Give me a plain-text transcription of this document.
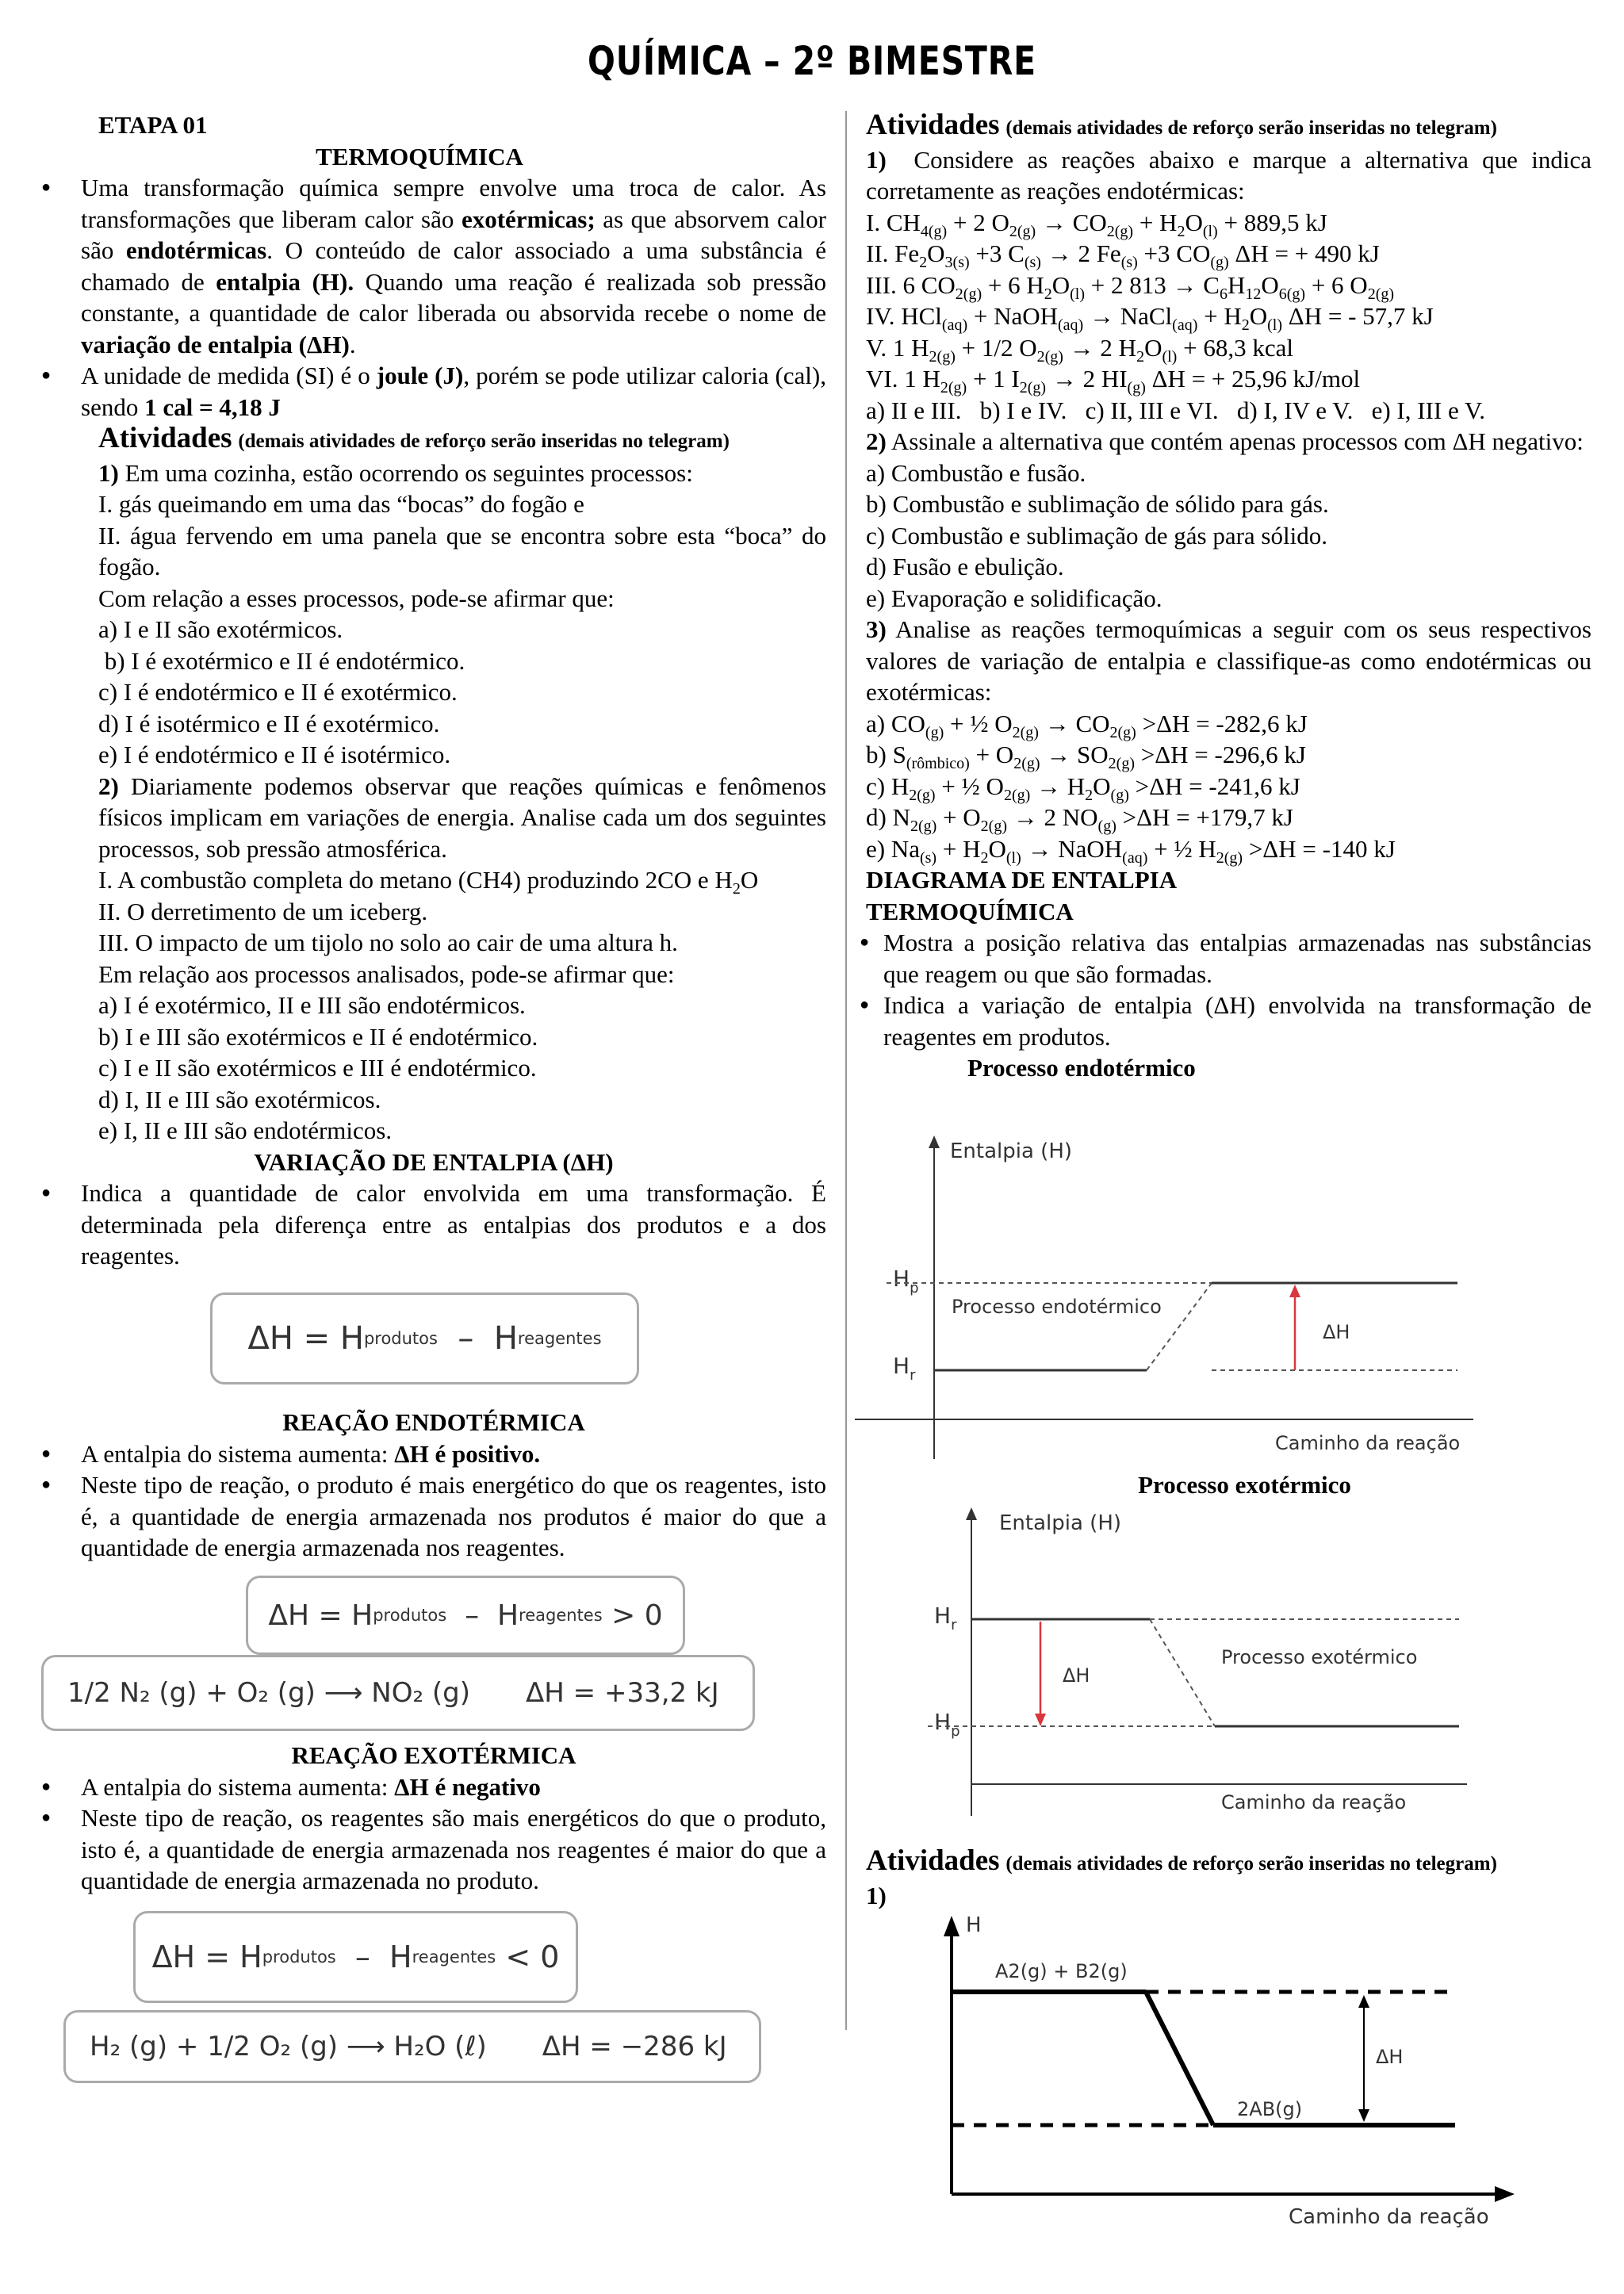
QUÍMICA – 2º BIMESTRE

ETAPA 01

TERMOQUÍMICA

● Uma transformação química sempre envolve uma troca de calor. As transformações que liberam calor são exotérmicas; as que absorvem calor são endotérmicas. O conteúdo de calor associado a uma substância é chamado de entalpia (H). Quando uma reação é realizada sob pressão constante, a quantidade de calor liberada ou absorvida recebe o nome de variação de entalpia (ΔH).
● A unidade de medida (SI) é o joule (J), porém se pode utilizar caloria (cal), sendo 1 cal = 4,18 J

Atividades (demais atividades de reforço serão inseridas no telegram)

1) Em uma cozinha, estão ocorrendo os seguintes processos:

I. gás queimando em uma das “bocas” do fogão e

II. água fervendo em uma panela que se encontra sobre esta “boca” do fogão.

Com relação a esses processos, pode-se afirmar que:

a) I e II são exotérmicos.

b) I é exotérmico e II é endotérmico.

c) I é endotérmico e II é exotérmico.

d) I é isotérmico e II é exotérmico.

e) I é endotérmico e II é isotérmico.

2) Diariamente podemos observar que reações químicas e fenômenos físicos implicam em variações de energia. Analise cada um dos seguintes processos, sob pressão atmosférica.

I. A combustão completa do metano (CH4) produzindo 2CO e $H_2O$

II. O derretimento de um iceberg.

III. O impacto de um tijolo no solo ao cair de uma altura h.

Em relação aos processos analisados, pode-se afirmar que:

a) I é exotérmico, II e III são endotérmicos.

b) I e III são exotérmicos e II é endotérmico.

c) I e II são exotérmicos e III é endotérmico.

d) I, II e III são exotérmicos.

e) I, II e III são endotérmicos.

VARIAÇÃO DE ENTALPIA (ΔH)

● Indica a quantidade de calor envolvida em uma transformação. É determinada pela diferença entre as entalpias dos produtos e a dos reagentes.

REAÇÃO ENDOTÉRMICA

● A entalpia do sistema aumenta: ΔH é positivo.
● Neste tipo de reação, o produto é mais energético do que os reagentes, isto é, a quantidade de energia armazenada nos produtos é maior do que a quantidade de energia armazenada nos reagentes.

REAÇÃO EXOTÉRMICA

● A entalpia do sistema aumenta: ΔH é negativo
● Neste tipo de reação, os reagentes são mais energéticos do que o produto, isto é, a quantidade de energia armazenada nos reagentes é maior do que a quantidade de energia armazenada no produto.
ΔH = H produtos –  H reagentes
ΔH = H produtos –  H reagentes > 0
1/2 N₂ (g) + O₂ (g) ⟶ NO₂ (g) ΔH = +33,2 kJ
ΔH = H produtos –  H reagentes < 0
H₂ (g) + 1/2 O₂ (g) ⟶ H₂O (ℓ) ΔH = −286 kJ

Atividades (demais atividades de reforço serão inseridas no telegram)

1)  Considere as reações abaixo e marque a alternativa que indica corretamente as reações endotérmicas:

I. $CH_{4(g)} + 2$ $O_{2(g)} \to CO_{2(g)} + H_2O_{(l)} + 889,5$ kJ

II. $Fe_2O_{3(s)} +3$ $C_{(s)} \to 2$ $Fe_{(s)} +3$ $CO_{(g)}$ ΔH = + 490 kJ

III. 6 $CO_{2(g)} + 6$ $H_2O_{(l)} + 2$ $813 \to C_6H_{12}O_{6(g)} + 6$ $O_{2(g)}$

IV. HCl$_{(aq)}$ + NaOH$_{(aq)}$ → NaCl$_{(aq)}$ + $H_2O_{(l)}$ ΔH = - 57,7 kJ

V. 1 $H_{2(g)} + 1/2$ $O_{2(g)} \to 2$ $H_2O_{(l)} + 68,3$ kcal

VI. 1 $H_{2(g)} + 1$ $I_{2(g)} \to 2$ $HI_{(g)}$ ΔH = + 25,96 kJ/mol

a) II e III.   b) I e IV.   c) II, III e VI.   d) I, IV e V.   e) I, III e V.

2) Assinale a alternativa que contém apenas processos com ΔH negativo:

a) Combustão e fusão.

b) Combustão e sublimação de sólido para gás.

c) Combustão e sublimação de gás para sólido.

d) Fusão e ebulição.

e) Evaporação e solidificação.

3) Analise as reações termoquímicas a seguir com os seus respectivos valores de variação de entalpia e classifique-as como endotérmicas ou exotérmicas:

a) $CO_{(g)}$ + ½ $O_{2(g)} \to CO_{2(g)} >\Delta H = -282,6$ kJ

b) $S_{(rômbico)} + O_{2(g)} \to SO_{2(g)} >\Delta H = -296,6$ kJ

c) $H_{2(g)}$ + ½ $O_{2(g)} \to H_2O_{(g)} >\Delta H = -241,6$ kJ

d) $N_{2(g)} + O_{2(g)} \to 2$ $NO_{(g)} >\Delta H = +179,7$ kJ

e) $Na_{(s)} + H_2O_{(l)}$ → NaOH$_{(aq)}$ + ½ $H_{2(g)} >\Delta H = -140$ kJ

DIAGRAMA DE ENTALPIA

TERMOQUÍMICA

● Mostra a posição relativa das entalpias armazenadas nas substâncias que reagem ou que são formadas.
● Indica a variação de entalpia (ΔH) envolvida na transformação de reagentes em produtos.

Processo endotérmico

Entalpia (H)
$H_p$
$H_r$
Processo endotérmico
ΔH
Caminho da reação

Processo exotérmico

Entalpia (H)
$H_r$
$H_p$
Processo exotérmico
ΔH
Caminho da reação

Atividades (demais atividades de reforço serão inseridas no telegram)

1)

H
A2(g) + B2(g)
2AB(g)
ΔH
Caminho da reação
